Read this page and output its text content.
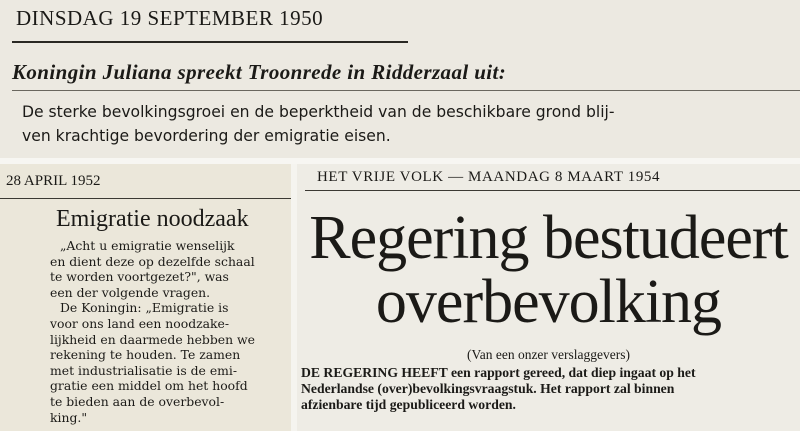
DINSDAG 19 SEPTEMBER 1950
Koningin Juliana spreekt Troonrede in Ridderzaal uit:
De sterke bevolkingsgroei en de beperktheid van de beschikbare grond blij-
ven krachtige bevordering der emigratie eisen.
28 APRIL 1952
Emigratie noodzaak
„Acht u emigratie wenselijk
en dient deze op dezelfde schaal
te worden voortgezet?", was
een der volgende vragen.
De Koningin: „Emigratie is
voor ons land een noodzake-
lijkheid en daarmede hebben we
rekening te houden. Te zamen
met industrialisatie is de emi-
gratie een middel om het hoofd
te bieden aan de overbevol-
king."
HET VRIJE VOLK — MAANDAG 8 MAART 1954
Regering bestudeert
overbevolking
(Van een onzer verslaggevers)
DE REGERING HEEFT een rapport gereed, dat diep ingaat op het
Nederlandse (over)bevolkingsvraagstuk. Het rapport zal binnen
afzienbare tijd gepubliceerd worden.
